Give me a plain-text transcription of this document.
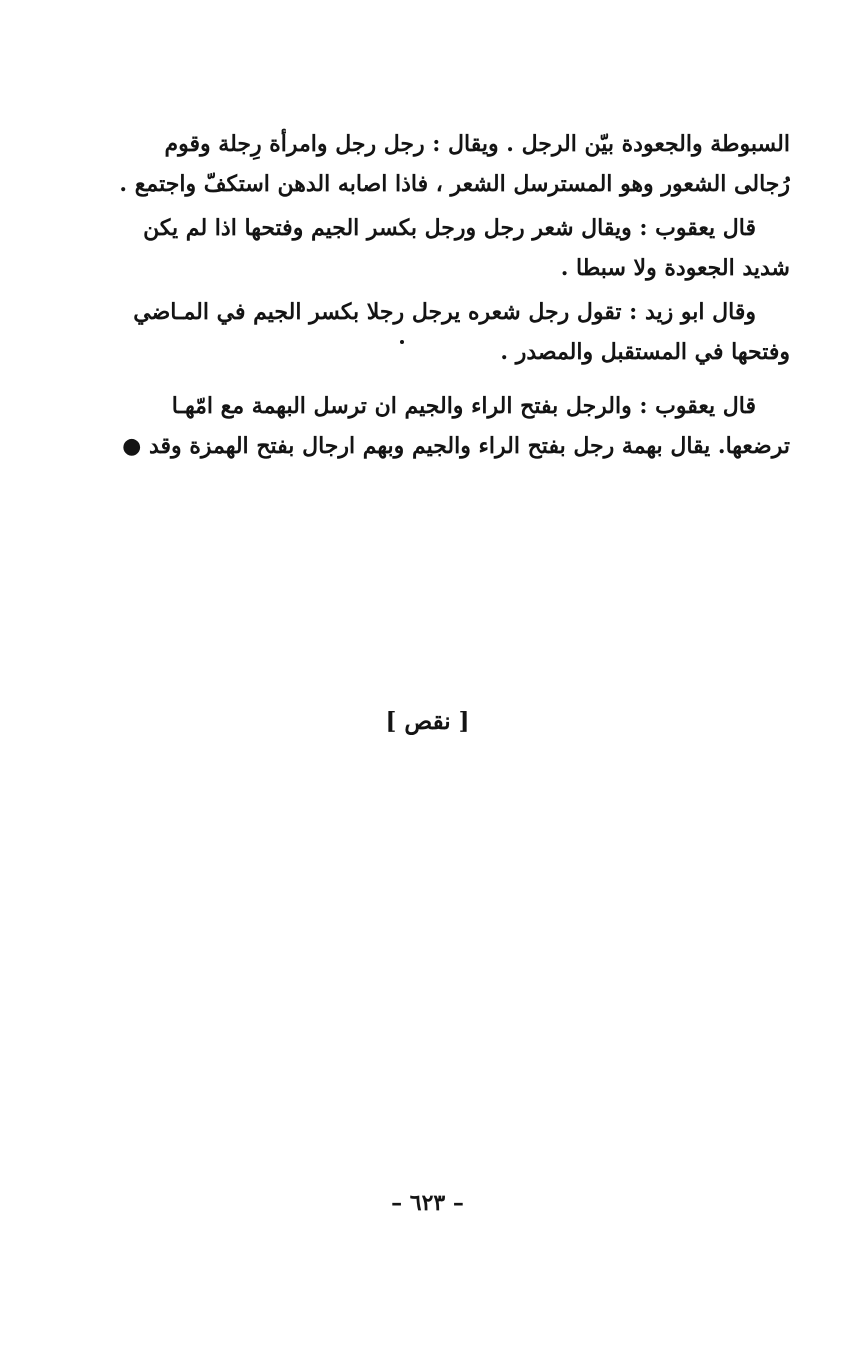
السبوطة والجعودة بيّن الرجل . ويقال : رجل رجل وامرأة رِجلة وقوم
رُجالى الشعور وهو المسترسل الشعر ، فاذا اصابه الدهن استكفّ واجتمع .
قال يعقوب : ويقال شعر رجل ورجل بكسر الجيم وفتحها اذا لم يكن
شديد الجعودة ولا سبطا .
وقال ابو زيد : تقول رجل شعره يرجل رجلا بكسر الجيم في المـاضي
وفتحها في المستقبل والمصدر .
قال يعقوب : والرجل بفتح الراء والجيم ان ترسل البهمة مع امّهـا
ترضعها. يقال بهمة رجل بفتح الراء والجيم وبهم ارجال بفتح الهمزة وقد ●
[ نقص ]
– ٦٢٣ –
